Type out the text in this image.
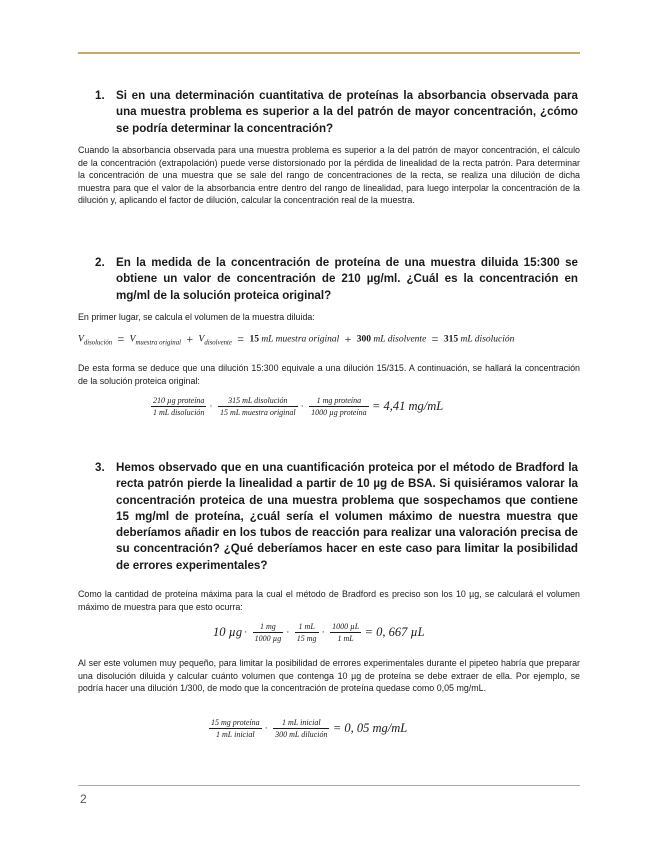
1. Si en una determinación cuantitativa de proteínas la absorbancia observada para una muestra problema es superior a la del patrón de mayor concentración, ¿cómo se podría determinar la concentración?
Cuando la absorbancia observada para una muestra problema es superior a la del patrón de mayor concentración, el cálculo de la concentración (extrapolación) puede verse distorsionado por la pérdida de linealidad de la recta patrón. Para determinar la concentración de una muestra que se sale del rango de concentraciones de la recta, se realiza una dilución de dicha muestra para que el valor de la absorbancia entre dentro del rango de linealidad, para luego interpolar la concentración de la dilución y, aplicando el factor de dilución, calcular la concentración real de la muestra.
2. En la medida de la concentración de proteína de una muestra diluida 15:300 se obtiene un valor de concentración de 210 µg/ml. ¿Cuál es la concentración en mg/ml de la solución proteica original?
En primer lugar, se calcula el volumen de la muestra diluida:
$V_{disolución} = V_{muestra original} + V_{disolvente} = 15$ mL muestra original + 300 mL disolvente = 315 mL disolución
De esta forma se deduce que una dilución 15:300 equivale a una dilución 15/315. A continuación, se hallará la concentración de la solución proteica original:
$\frac{\text{210 µg proteína}}{\text{1 mL disolución}} \cdot \frac{\text{315 mL disolución}}{\text{15 mL muestra original}} \cdot \frac{\text{1 mg proteína}}{\text{1000 µg proteína}} = 4,41$ mg/mL
3. Hemos observado que en una cuantificación proteica por el método de Bradford la recta patrón pierde la linealidad a partir de 10 µg de BSA. Si quisiéramos valorar la concentración proteica de una muestra problema que sospechamos que contiene 15 mg/ml de proteína, ¿cuál sería el volumen máximo de nuestra muestra que deberíamos añadir en los tubos de reacción para realizar una valoración precisa de su concentración? ¿Qué deberíamos hacer en este caso para limitar la posibilidad de errores experimentales?
Como la cantidad de proteína máxima para la cual el método de Bradford es preciso son los 10 µg, se calculará el volumen máximo de muestra para que esto ocurra:
10 $\mu g \cdot \frac{1 mg}{\text{1000 µg}} \cdot \frac{1 mL}{15 mg} \cdot \frac{\text{1000 µL}}{1 mL} = 0$, 667 µL
Al ser este volumen muy pequeño, para limitar la posibilidad de errores experimentales durante el pipeteo habría que preparar una disolución diluida y calcular cuánto volumen que contenga 10 µg de proteína se debe extraer de ella. Por ejemplo, se podría hacer una dilución 1/300, de modo que la concentración de proteína quedase como 0,05 mg/mL.
$\frac{\text{15 mg proteína}}{\text{1 mL inicial}} \cdot \frac{\text{1 mL inicial}}{\text{300 mL dilución}} = 0$, 05 mg/mL
2
